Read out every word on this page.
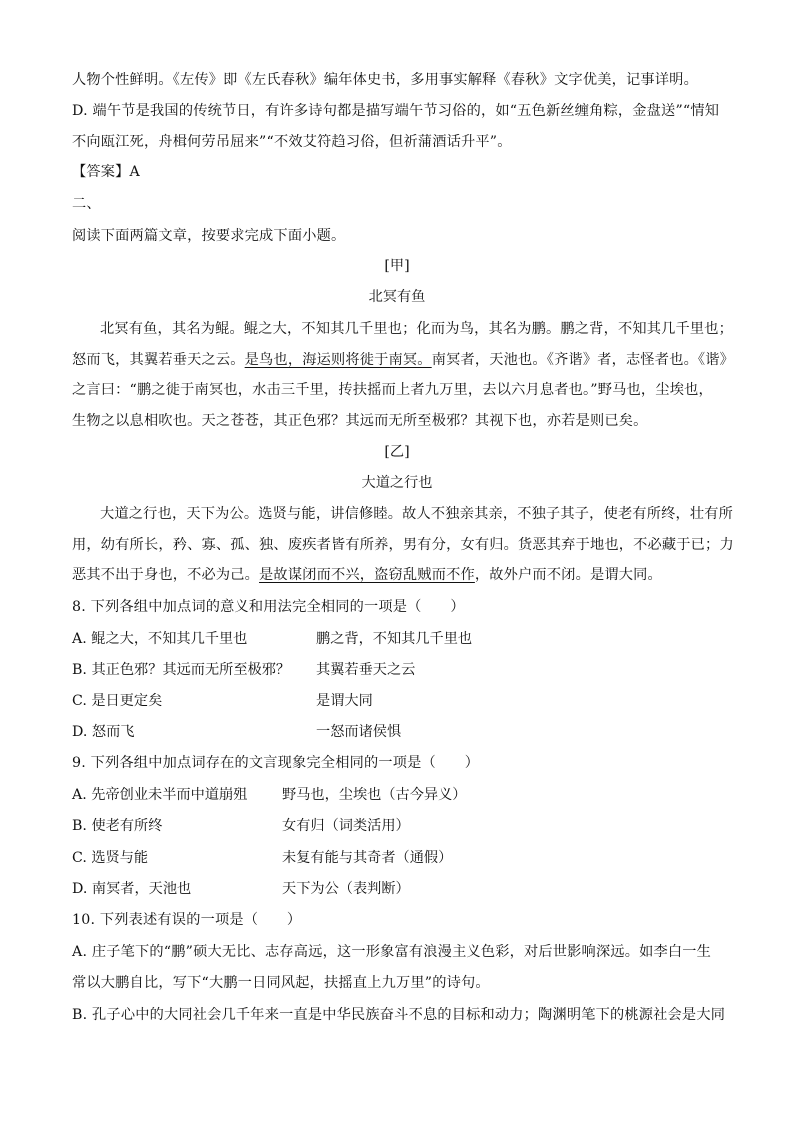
人物个性鲜明。《左传》即《左氏春秋》编年体史书，多用事实解释《春秋》文字优美，记事详明。
D. 端午节是我国的传统节日，有许多诗句都是描写端午节习俗的，如“五色新丝缠角粽，金盘送”“情知
不向瓯江死，舟楫何劳吊屈来”“不效艾符趋习俗，但祈蒲酒话升平”。
【答案】A
二、
阅读下面两篇文章，按要求完成下面小题。
[甲]
北冥有鱼
北冥有鱼，其名为鲲。鲲之大，不知其几千里也；化而为鸟，其名为鹏。鹏之背，不知其几千里也；
怒而飞，其翼若垂天之云。是鸟也，海运则将徙于南冥。南冥者，天池也。《齐谐》者，志怪者也。《谐》
之言曰：“鹏之徙于南冥也，水击三千里，抟扶摇而上者九万里，去以六月息者也。”野马也，尘埃也，
生物之以息相吹也。天之苍苍，其正色邪？其远而无所至极邪？其视下也，亦若是则已矣。
[乙]
大道之行也
大道之行也，天下为公。选贤与能，讲信修睦。故人不独亲其亲，不独子其子，使老有所终，壮有所
用，幼有所长，矜、寡、孤、独、废疾者皆有所养，男有分，女有归。货恶其弃于地也，不必藏于已；力
恶其不出于身也，不必为己。是故谋闭而不兴，盗窃乱贼而不作，故外户而不闭。是谓大同。
8. 下列各组中加点词的意义和用法完全相同的一项是（　　）
A. 鲲之大，不知其几千里也	鹏之背，不知其几千里也
B. 其正色邪？其远而无所至极邪？ 其翼若垂天之云
C. 是日更定矣	是谓大同
D. 怒而飞	一怒而诸侯惧
9. 下列各组中加点词存在的文言现象完全相同的一项是（　　）
A. 先帝创业未半而中道崩殂 野马也，尘埃也（古今异义）
B. 使老有所终	女有归（词类活用）
C. 选贤与能	未复有能与其奇者（通假）
D. 南冥者，天池也	天下为公（表判断）
10. 下列表述有误的一项是（　　）
A. 庄子笔下的“鹏”硕大无比、志存高远，这一形象富有浪漫主义色彩，对后世影响深远。如李白一生
常以大鹏自比，写下“大鹏一日同风起，扶摇直上九万里”的诗句。
B. 孔子心中的大同社会几千年来一直是中华民族奋斗不息的目标和动力；陶渊明笔下的桃源社会是大同
